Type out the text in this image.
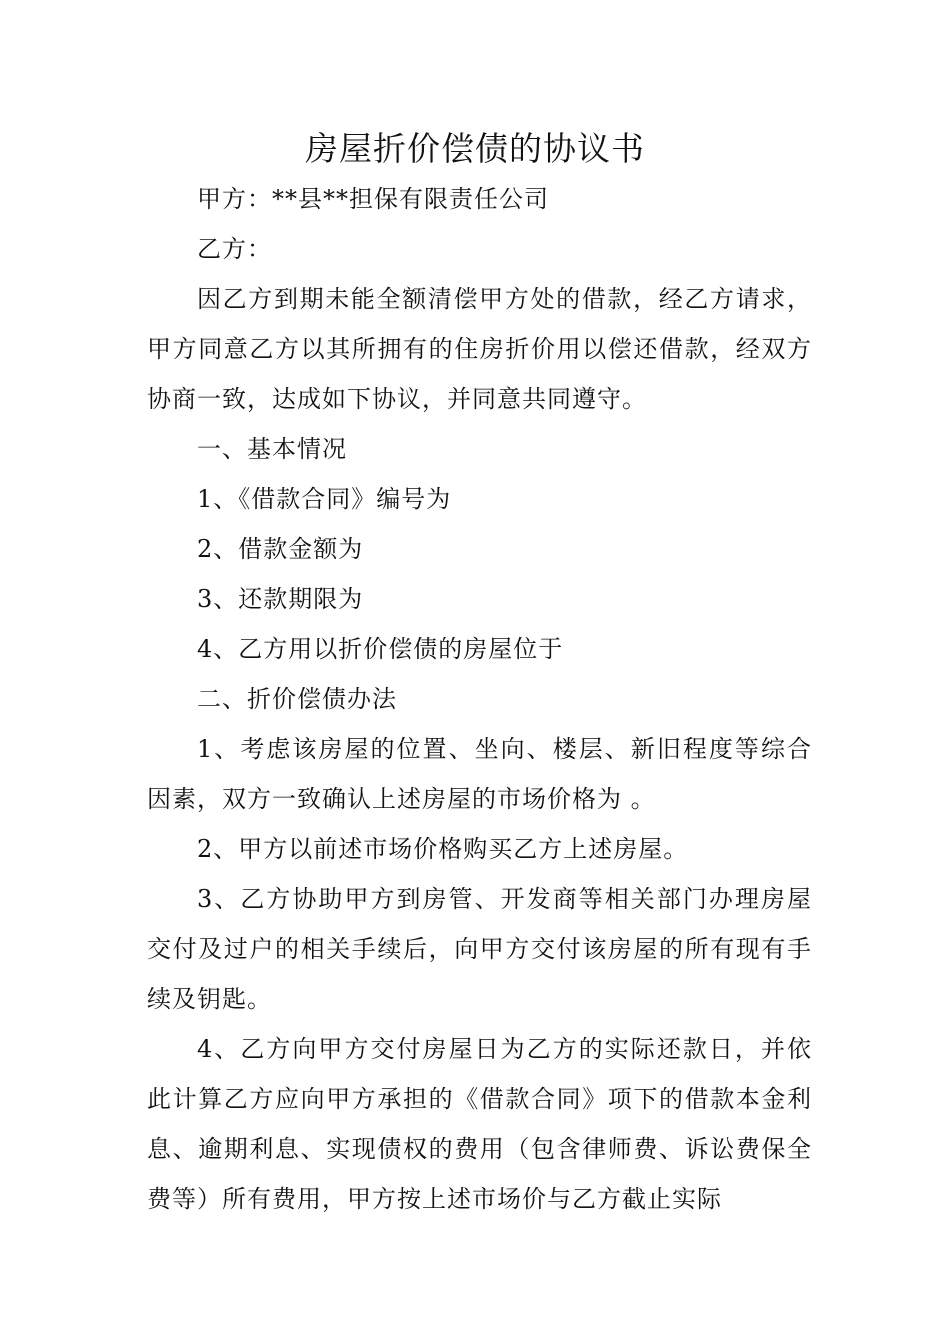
房屋折价偿债的协议书

甲方：**县**担保有限责任公司

乙方：

因乙方到期未能全额清偿甲方处的借款，经乙方请求，甲方同意乙方以其所拥有的住房折价用以偿还借款，经双方协商一致，达成如下协议，并同意共同遵守。

一、基本情况

1、《借款合同》编号为

2、借款金额为

3、还款期限为

4、乙方用以折价偿债的房屋位于

二、折价偿债办法

1、考虑该房屋的位置、坐向、楼层、新旧程度等综合因素，双方一致确认上述房屋的市场价格为 。

2、甲方以前述市场价格购买乙方上述房屋。

3、乙方协助甲方到房管、开发商等相关部门办理房屋交付及过户的相关手续后，向甲方交付该房屋的所有现有手续及钥匙。

4、乙方向甲方交付房屋日为乙方的实际还款日，并依此计算乙方应向甲方承担的《借款合同》项下的借款本金利息、逾期利息、实现债权的费用（包含律师费、诉讼费保全费等）所有费用，甲方按上述市场价与乙方截止实际
